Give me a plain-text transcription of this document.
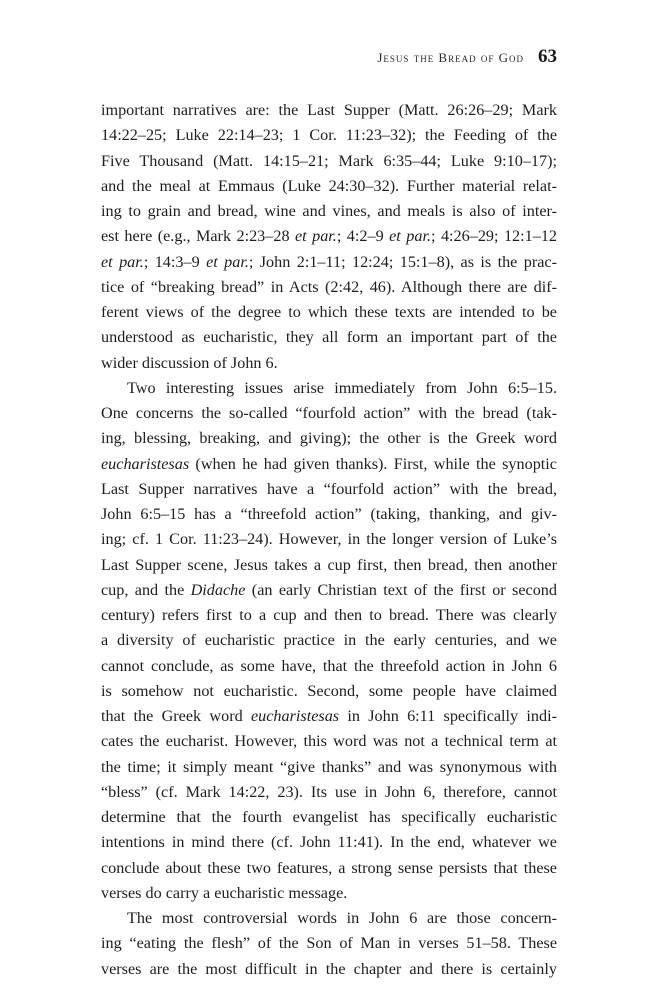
Jesus the Bread of God 63
important narratives are: the Last Supper (Matt. 26:26–29; Mark
14:22–25; Luke 22:14–23; 1 Cor. 11:23–32); the Feeding of the
Five Thousand (Matt. 14:15–21; Mark 6:35–44; Luke 9:10–17);
and the meal at Emmaus (Luke 24:30–32). Further material relat-
ing to grain and bread, wine and vines, and meals is also of inter-
est here (e.g., Mark 2:23–28 et par.; 4:2–9 et par.; 4:26–29; 12:1–12
et par.; 14:3–9 et par.; John 2:1–11; 12:24; 15:1–8), as is the prac-
tice of “breaking bread” in Acts (2:42, 46). Although there are dif-
ferent views of the degree to which these texts are intended to be
understood as eucharistic, they all form an important part of the
wider discussion of John 6.
Two interesting issues arise immediately from John 6:5–15.
One concerns the so-called “fourfold action” with the bread (tak-
ing, blessing, breaking, and giving); the other is the Greek word
eucharistesas (when he had given thanks). First, while the synoptic
Last Supper narratives have a “fourfold action” with the bread,
John 6:5–15 has a “threefold action” (taking, thanking, and giv-
ing; cf. 1 Cor. 11:23–24). However, in the longer version of Luke’s
Last Supper scene, Jesus takes a cup first, then bread, then another
cup, and the Didache (an early Christian text of the first or second
century) refers first to a cup and then to bread. There was clearly
a diversity of eucharistic practice in the early centuries, and we
cannot conclude, as some have, that the threefold action in John 6
is somehow not eucharistic. Second, some people have claimed
that the Greek word eucharistesas in John 6:11 specifically indi-
cates the eucharist. However, this word was not a technical term at
the time; it simply meant “give thanks” and was synonymous with
“bless” (cf. Mark 14:22, 23). Its use in John 6, therefore, cannot
determine that the fourth evangelist has specifically eucharistic
intentions in mind there (cf. John 11:41). In the end, whatever we
conclude about these two features, a strong sense persists that these
verses do carry a eucharistic message.
The most controversial words in John 6 are those concern-
ing “eating the flesh” of the Son of Man in verses 51–58. These
verses are the most difficult in the chapter and there is certainly
